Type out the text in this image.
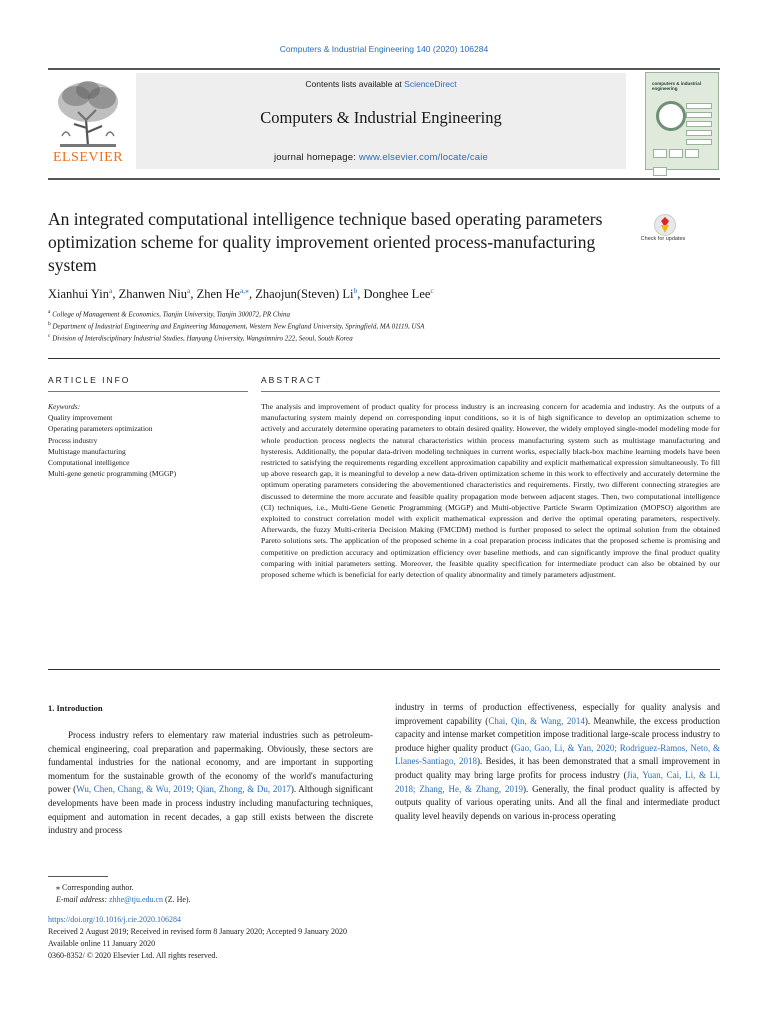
Computers & Industrial Engineering 140 (2020) 106284
ELSEVIER
Contents lists available at ScienceDirect
Computers & Industrial Engineering
journal homepage: www.elsevier.com/locate/caie
computers & industrial engineering
An integrated computational intelligence technique based operating parameters optimization scheme for quality improvement oriented process-manufacturing system
Check for updates
Xianhui Yin$^a$, Zhanwen Niu$^a$, Zhen $He^{a,⁎}$, Zhaojun(Steven) Li$^b$, Donghee Lee$^c$
$^a$ College of Management & Economics, Tianjin University, Tianjin 300072, PR China
$^b$ Department of Industrial Engineering and Engineering Management, Western New England University, Springfield, MA 01119, USA
$^c$ Division of Interdisciplinary Industrial Studies, Hanyang University, Wangsimniro 222, Seoul, South Korea
ARTICLE INFO	ABSTRACT
Keywords:
Quality improvement
Operating parameters optimization
Process industry
Multistage manufacturing
Computational intelligence
Multi-gene genetic programming (MGGP)
The analysis and improvement of product quality for process industry is an increasing concern for academia and industry. As the outputs of a manufacturing system mainly depend on corresponding input conditions, so it is of high significance to develop an optimization scheme to actively and accurately determine operating parameters to obtain desired quality. However, the widely employed single-model modeling mode for whole production process neglects the natural characteristics within process manufacturing system such as multistage manufacturing and hysteresis. Additionally, the popular data-driven modeling techniques in current works, especially black-box machine learning models have been restricted to satisfying the requirements regarding excellent approximation capability and explicit mathematical expression simultaneously. To fill up above research gap, it is meaningful to develop a new data-driven optimization scheme in this work to effectively and accurately determine the optimum operating parameters considering the abovementioned characteristics and requirements. Firstly, two different connecting strategies are discussed to determine the more accurate and feasible quality propagation mode between adjacent stages. Then, two computational intelligence (CI) techniques, i.e., Multi-Gene Genetic Programming (MGGP) and Multi-objective Particle Swarm Optimization (MOPSO) algorithm are exploited to construct correlation model with explicit mathematical expression and derive the optimal operating parameters, respectively. Afterwards, the fuzzy Multi-criteria Decision Making (FMCDM) method is further proposed to select the optimal solution from the obtained Pareto solutions sets. The application of the proposed scheme in a coal preparation process indicates that the proposed scheme is promising and competitive on prediction accuracy and optimization efficiency over baseline methods, and can significantly improve the final product quality comparing with initial parameters setting. Moreover, the feasible quality specification for intermediate product can also be obtained by our proposed scheme which is beneficial for early detection of quality abnormality and timely parameters adjustment.
1. Introduction
Process industry refers to elementary raw material industries such as petroleum-chemical engineering, coal preparation and papermaking. Obviously, these sectors are fundamental industries for the national economy, and are important in supporting momentum for the sustainable growth of the economy of the world's manufacturing power (Wu, Chen, Chang, & Wu, 2019; Qian, Zhong, & Du, 2017). Although significant developments have been made in process industry including manufacturing techniques, equipment and automation in recent decades, a gap still exists between the discrete industry and process
industry in terms of production effectiveness, especially for quality analysis and improvement capability (Chai, Qin, & Wang, 2014). Meanwhile, the excess production capacity and intense market competition impose traditional large-scale process industry to produce higher quality product (Gao, Gao, Li, & Yan, 2020; Rodriguez-Ramos, Neto, & Llanes-Santiago, 2018). Besides, it has been demonstrated that a small improvement in product quality may bring large profits for process industry (Jia, Yuan, Cai, Li, & Li, 2018; Zhang, He, & Zhang, 2019). Generally, the final product quality is affected by outputs quality of various operating units. And all the final and intermediate product quality level heavily depends on various in-process operating
⁎ Corresponding author.
E-mail address: zhhe@tju.edu.cn (Z. He).
https://doi.org/10.1016/j.cie.2020.106284
Received 2 August 2019; Received in revised form 8 January 2020; Accepted 9 January 2020
Available online 11 January 2020
0360-8352/ © 2020 Elsevier Ltd. All rights reserved.
